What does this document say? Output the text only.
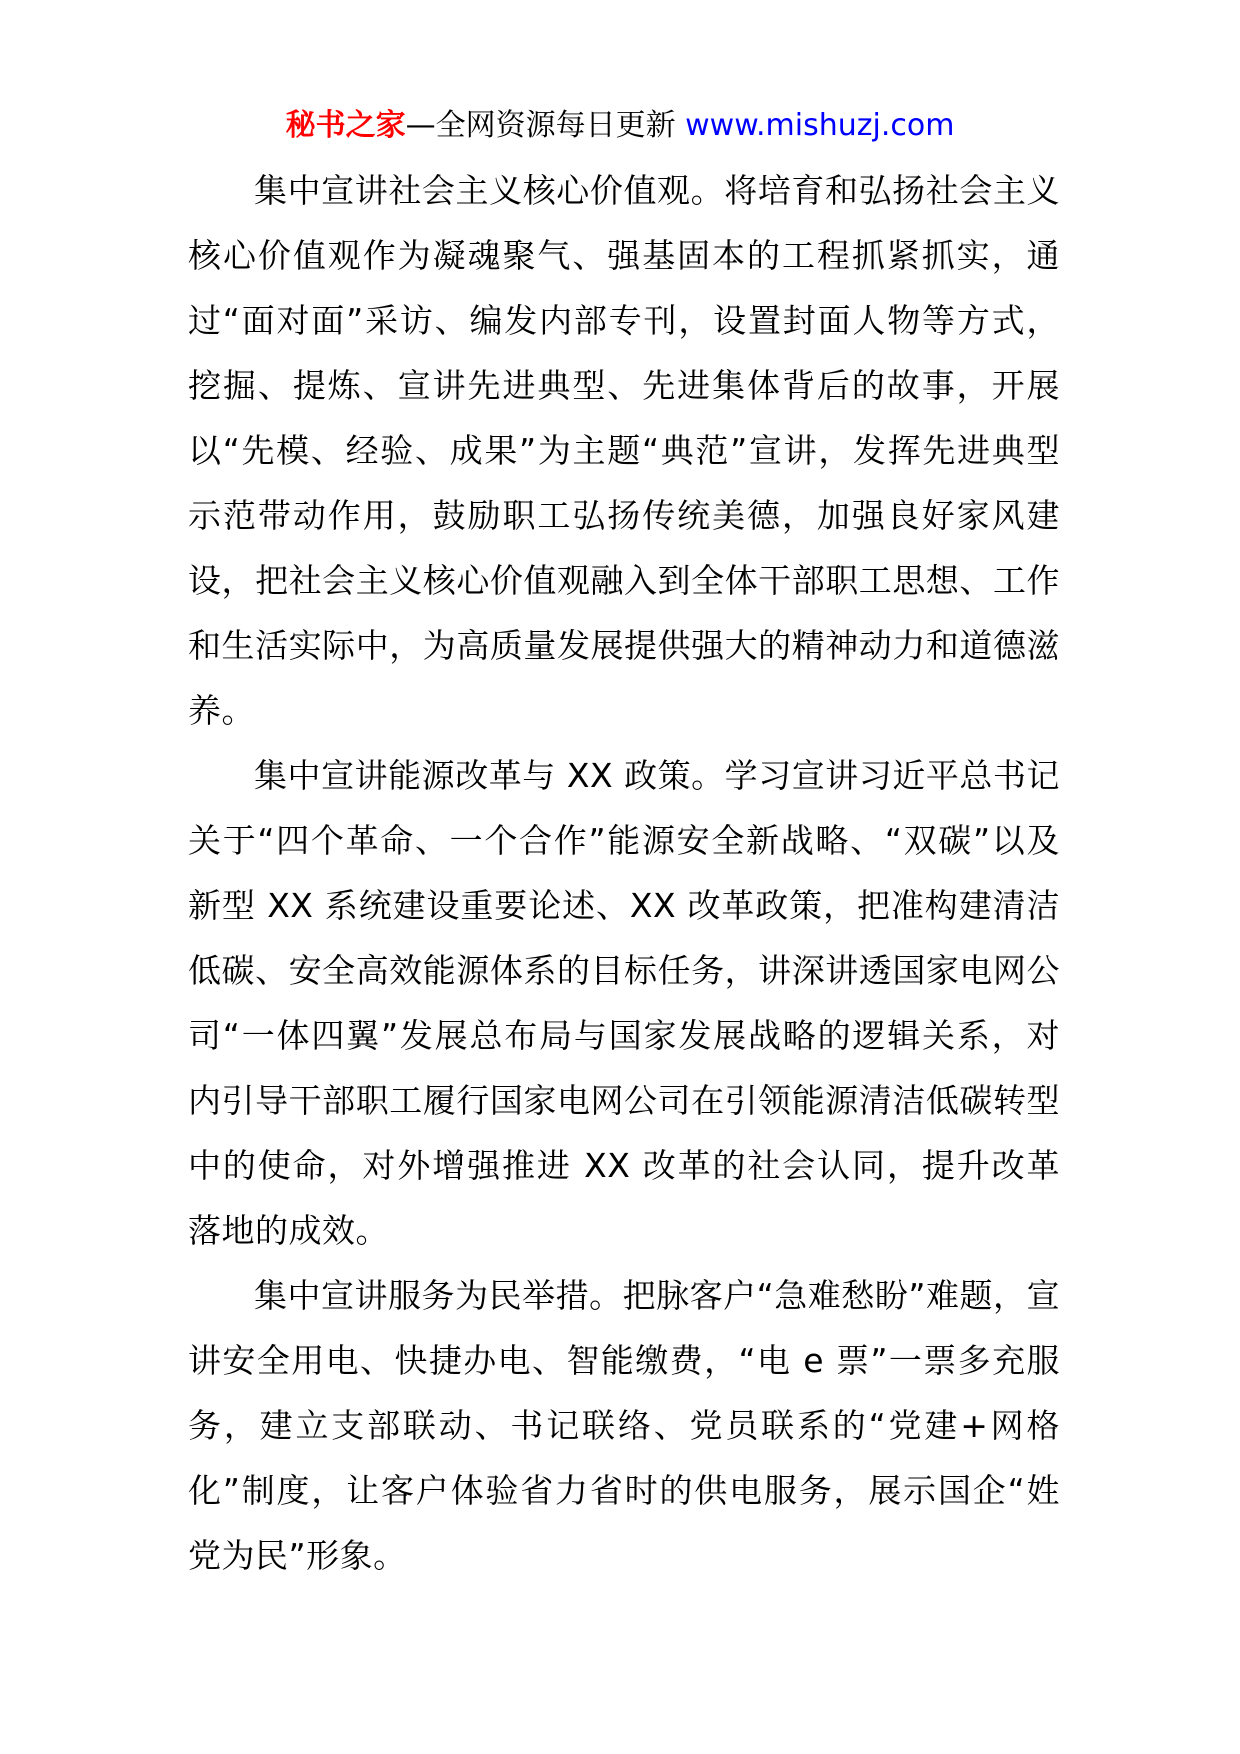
秘书之家—全网资源每日更新 www.mishuzj.com

集中宣讲社会主义核心价值观。将培育和弘扬社会主义核心价值观作为凝魂聚气、强基固本的工程抓紧抓实，通过“面对面”采访、编发内部专刊，设置封面人物等方式，挖掘、提炼、宣讲先进典型、先进集体背后的故事，开展以“先模、经验、成果”为主题“典范”宣讲，发挥先进典型示范带动作用，鼓励职工弘扬传统美德，加强良好家风建设，把社会主义核心价值观融入到全体干部职工思想、工作和生活实际中，为高质量发展提供强大的精神动力和道德滋养。

集中宣讲能源改革与 XX 政策。学习宣讲习近平总书记关于“四个革命、一个合作”能源安全新战略、“双碳”以及新型 XX 系统建设重要论述、XX 改革政策，把准构建清洁低碳、安全高效能源体系的目标任务，讲深讲透国家电网公司“一体四翼”发展总布局与国家发展战略的逻辑关系，对内引导干部职工履行国家电网公司在引领能源清洁低碳转型中的使命，对外增强推进 XX 改革的社会认同，提升改革落地的成效。

集中宣讲服务为民举措。把脉客户“急难愁盼”难题，宣讲安全用电、快捷办电、智能缴费，“电 e 票”一票多充服务，建立支部联动、书记联络、党员联系的“党建+网格化”制度，让客户体验省力省时的供电服务，展示国企“姓党为民”形象。
